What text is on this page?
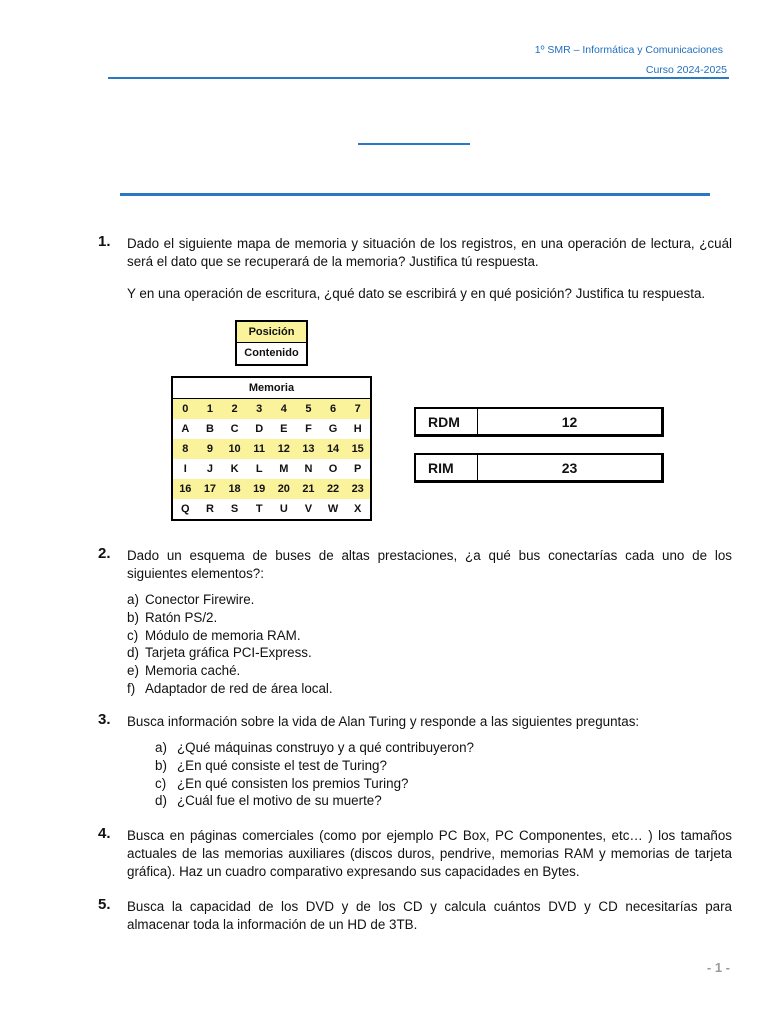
1º SMR – Informática y Comunicaciones
Curso 2024-2025
1. Dado el siguiente mapa de memoria y situación de los registros, en una operación de lectura, ¿cuál será el dato que se recuperará de la memoria? Justifica tú respuesta.
Y en una operación de escritura, ¿qué dato se escribirá y en qué posición? Justifica tu respuesta.
Posición
Contenido
Memoria
0	1	2	3	4	5	6	7
A	B	C	D	E	F	G	H
8	9	10	11	12	13	14	15
I	J	K	L	M	N	O	P
16	17	18	19	20	21	22	23
Q	R	S	T	U	V	W	X
RDM	12
RIM	23
2. Dado un esquema de buses de altas prestaciones, ¿a qué bus conectarías cada uno de los siguientes elementos?:
a) Conector Firewire.
b) Ratón PS/2.
c) Módulo de memoria RAM.
d) Tarjeta gráfica PCI-Express.
e) Memoria caché.
f) Adaptador de red de área local.
3. Busca información sobre la vida de Alan Turing y responde a las siguientes preguntas:
a) ¿Qué máquinas construyo y a qué contribuyeron?
b) ¿En qué consiste el test de Turing?
c) ¿En qué consisten los premios Turing?
d) ¿Cuál fue el motivo de su muerte?
4. Busca en páginas comerciales (como por ejemplo PC Box, PC Componentes, etc… ) los tamaños actuales de las memorias auxiliares (discos duros, pendrive, memorias RAM y memorias de tarjeta gráfica). Haz un cuadro comparativo expresando sus capacidades en Bytes.
5. Busca la capacidad de los DVD y de los CD y calcula cuántos DVD y CD necesitarías para almacenar toda la información de un HD de 3TB.
- 1 -
